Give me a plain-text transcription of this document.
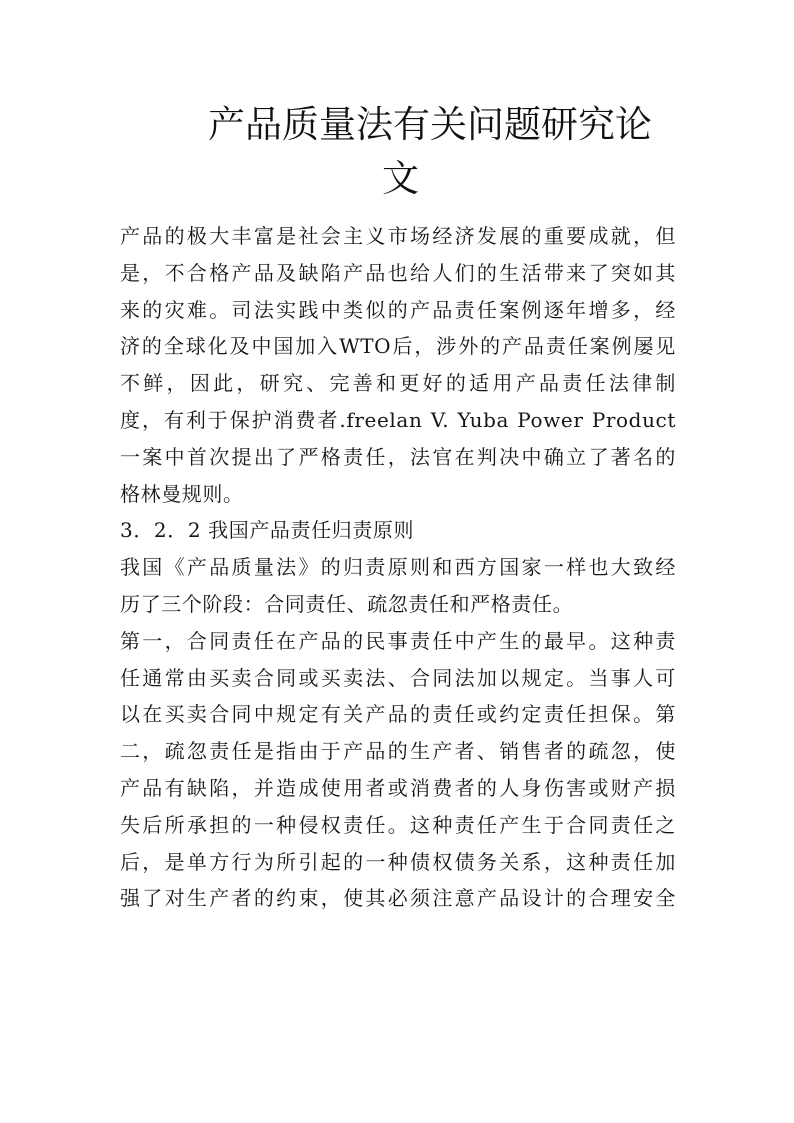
产品质量法有关问题研究论
文
产品的极大丰富是社会主义市场经济发展的重要成就，但
是，不合格产品及缺陷产品也给人们的生活带来了突如其
来的灾难。司法实践中类似的产品责任案例逐年增多，经
济的全球化及中国加入WTO后，涉外的产品责任案例屡见
不鲜，因此，研究、完善和更好的适用产品责任法律制
度，有利于保护消费者.freelan V. Yuba Power Product
一案中首次提出了严格责任，法官在判决中确立了著名的
格林曼规则。
3．2．2 我国产品责任归责原则
我国《产品质量法》的归责原则和西方国家一样也大致经
历了三个阶段：合同责任、疏忽责任和严格责任。
第一，合同责任在产品的民事责任中产生的最早。这种责
任通常由买卖合同或买卖法、合同法加以规定。当事人可
以在买卖合同中规定有关产品的责任或约定责任担保。第
二，疏忽责任是指由于产品的生产者、销售者的疏忽，使
产品有缺陷，并造成使用者或消费者的人身伤害或财产损
失后所承担的一种侵权责任。这种责任产生于合同责任之
后，是单方行为所引起的一种债权债务关系，这种责任加
强了对生产者的约束，使其必须注意产品设计的合理安全
